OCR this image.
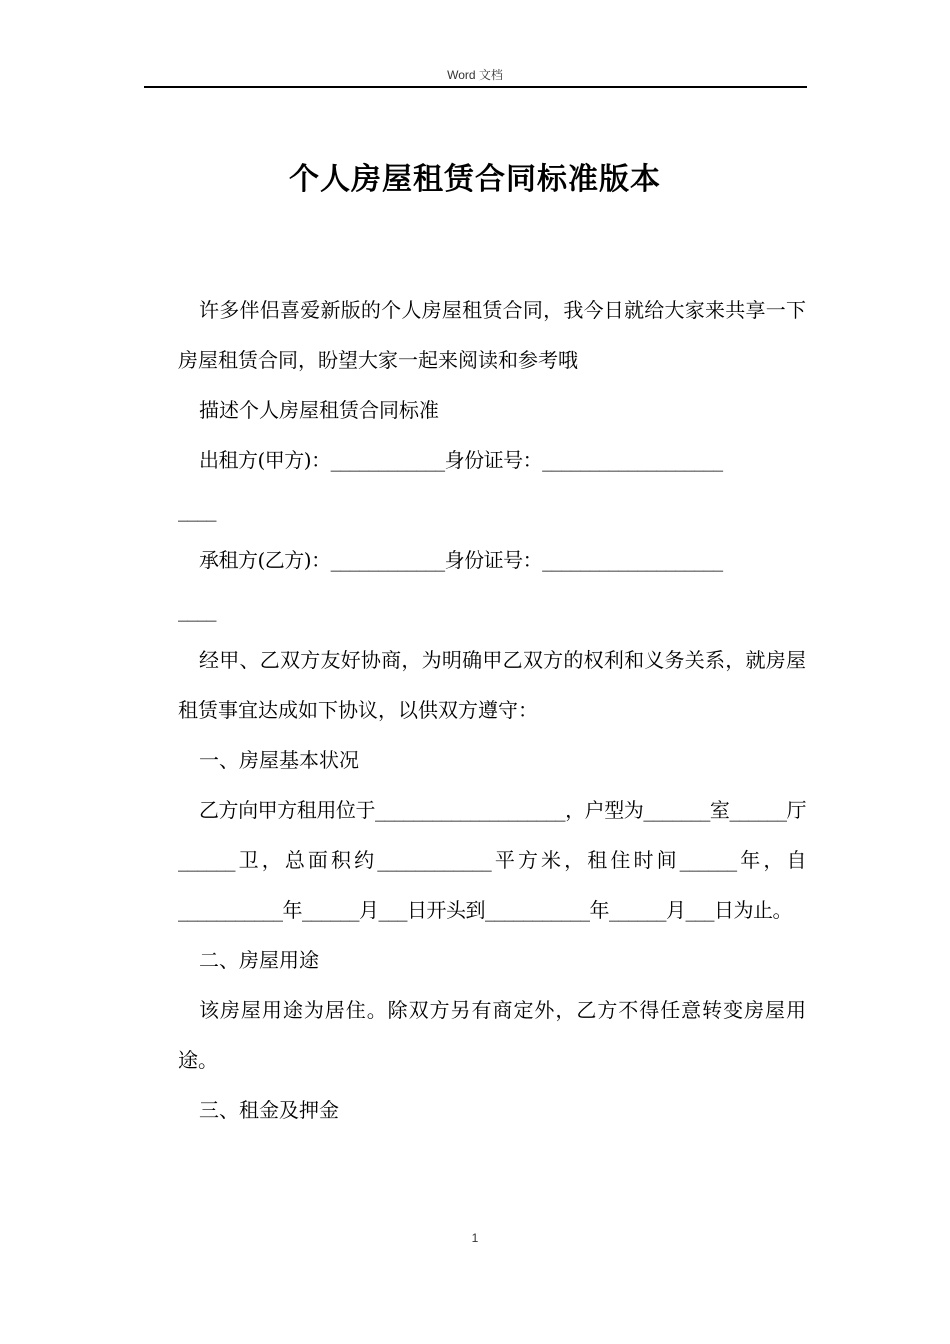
Word 文档
个人房屋租赁合同标准版本

许多伴侣喜爱新版的个人房屋租赁合同，我今日就给大家来共享一下房屋租赁合同，盼望大家一起来阅读和参考哦

描述个人房屋租赁合同标准

出租方(甲方)：____________身份证号：___________________

____

承租方(乙方)：____________身份证号：___________________

____

经甲、乙双方友好协商，为明确甲乙双方的权利和义务关系，就房屋租赁事宜达成如下协议，以供双方遵守：

一、房屋基本状况

乙方向甲方租用位于____________________，户型为_______室______厅______卫，总面积约____________平方米，租住时间______年，自___________年______月___日开头到___________年______月___日为止。

二、房屋用途

该房屋用途为居住。除双方另有商定外，乙方不得任意转变房屋用途。

三、租金及押金

1
